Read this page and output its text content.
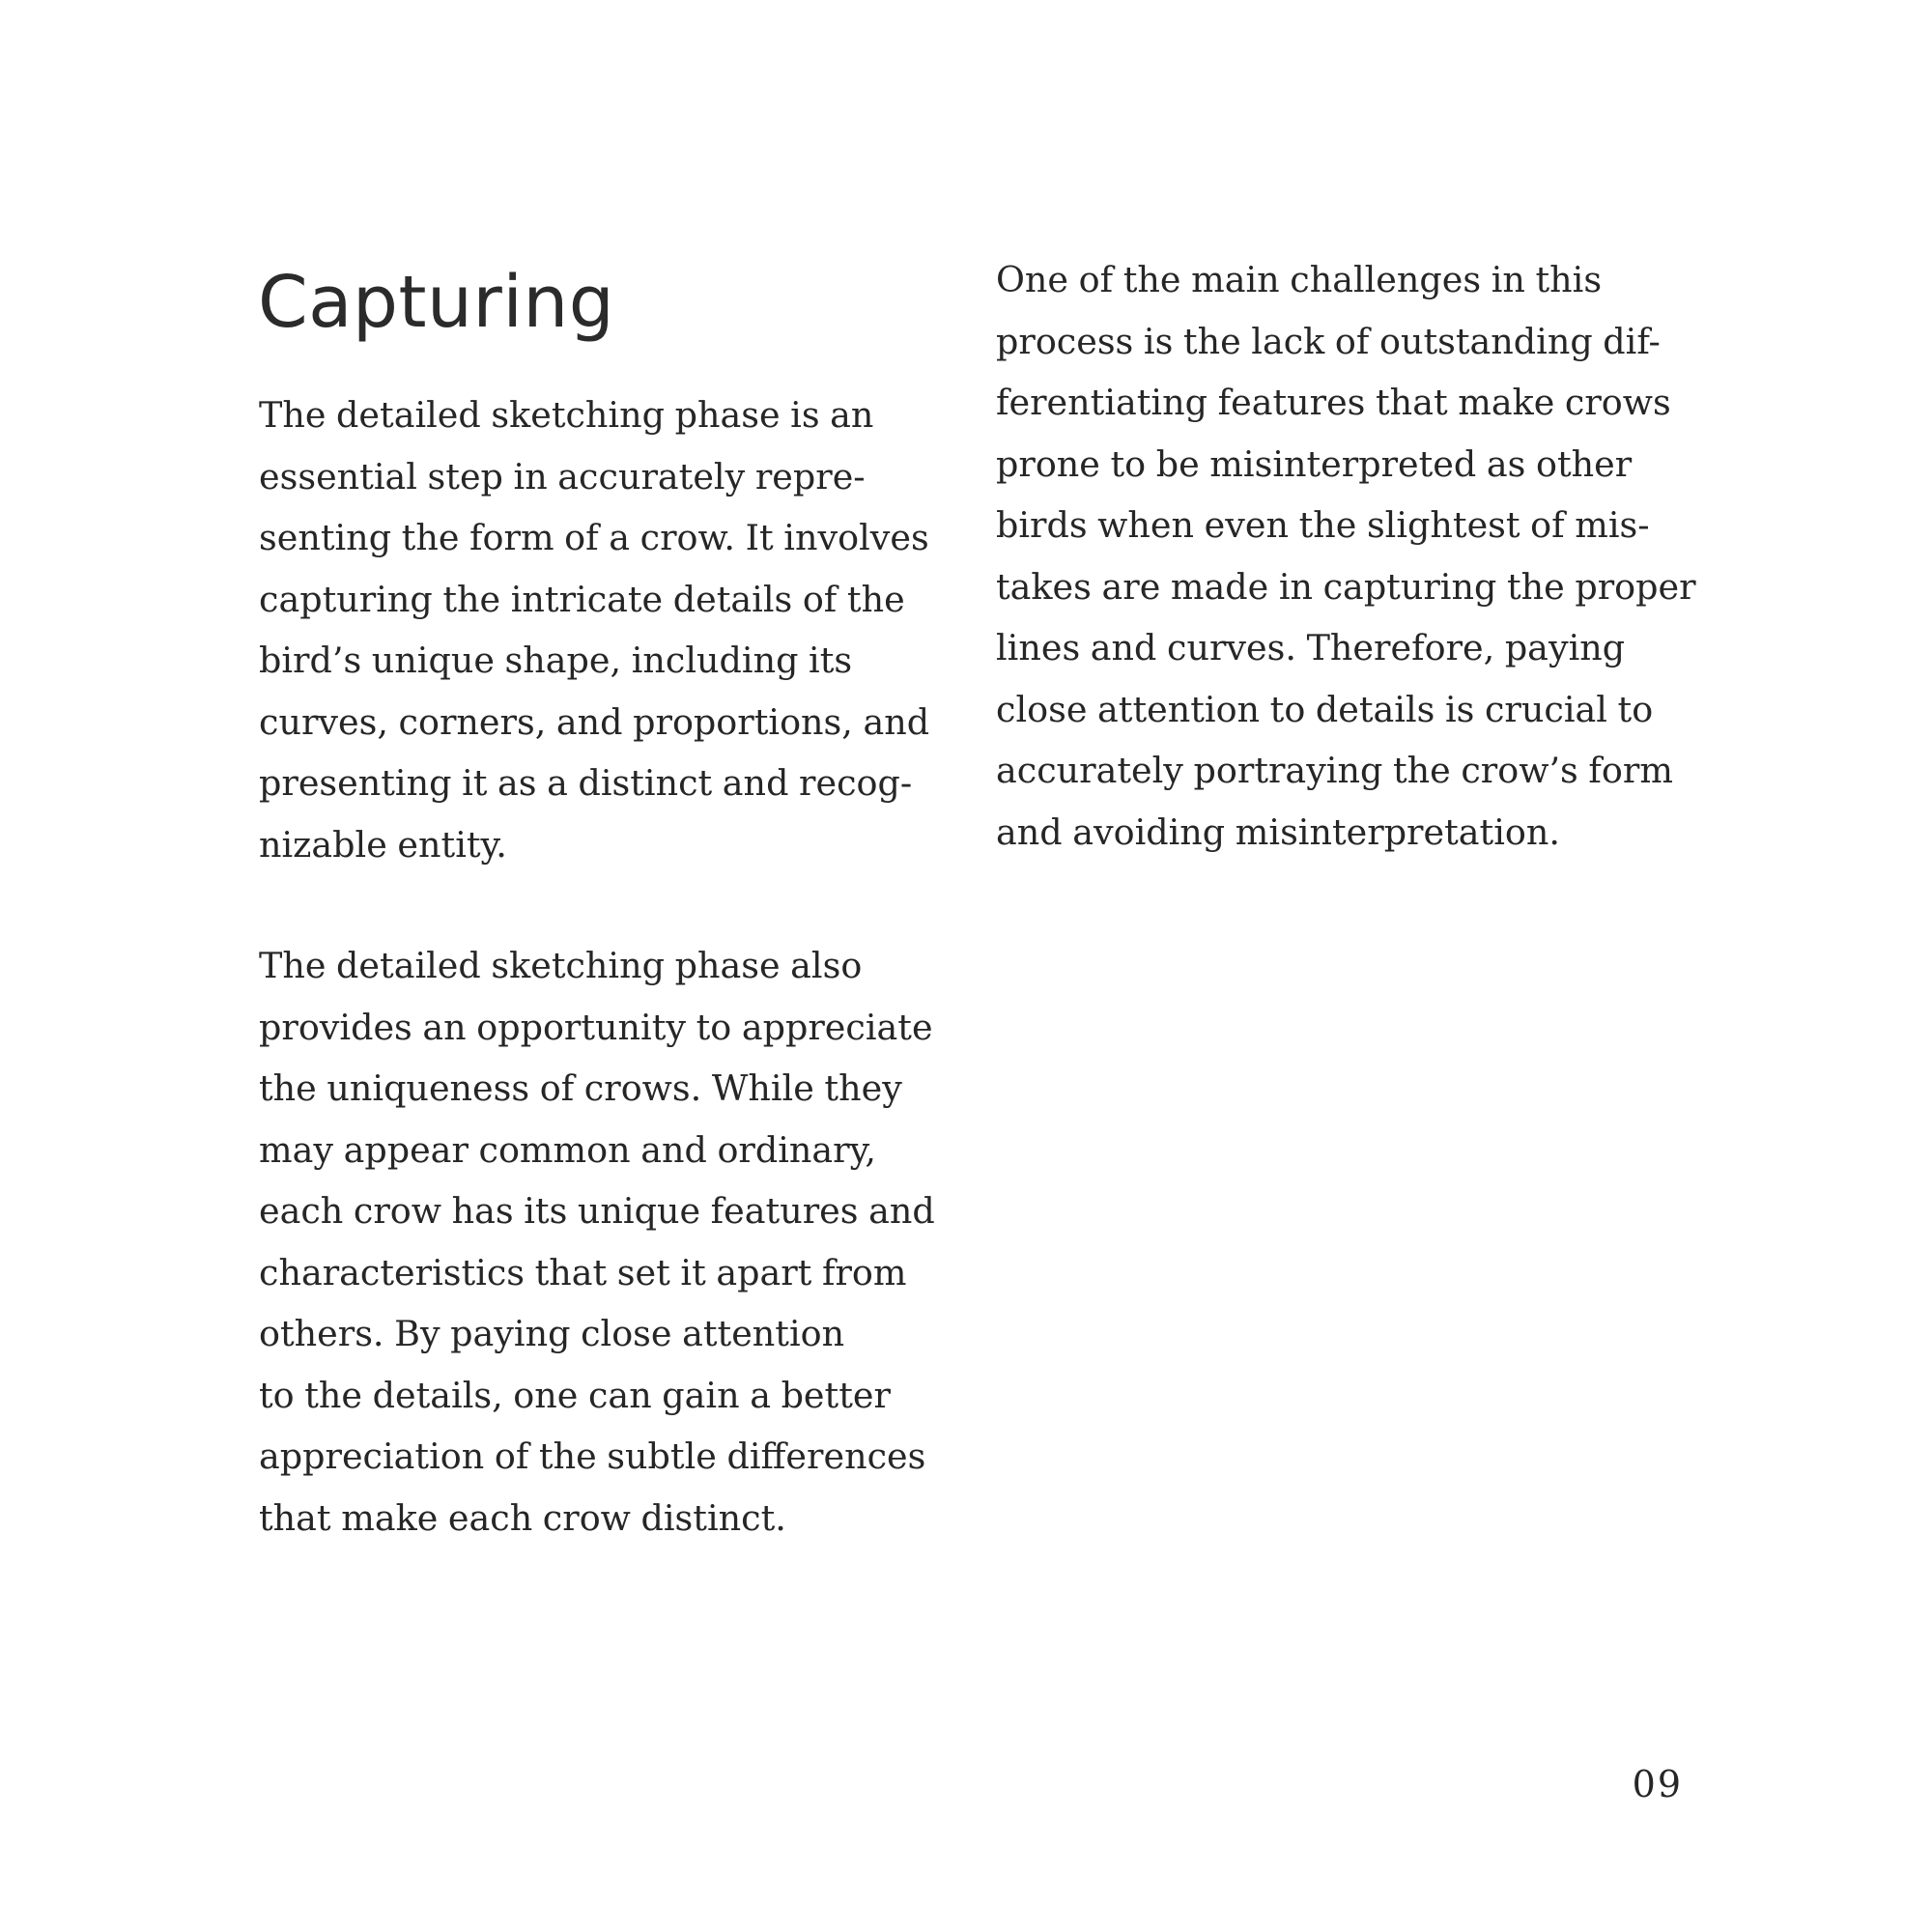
Capturing

The detailed sketching phase is an
essential step in accurately repre-
senting the form of a crow. It involves
capturing the intricate details of the
bird’s unique shape, including its
curves, corners, and proportions, and
presenting it as a distinct and recog-
nizable entity.

The detailed sketching phase also
provides an opportunity to appreciate
the uniqueness of crows. While they
may appear common and ordinary,
each crow has its unique features and
characteristics that set it apart from
others. By paying close attention
to the details, one can gain a better
appreciation of the subtle differences
that make each crow distinct.

One of the main challenges in this
process is the lack of outstanding dif-
ferentiating features that make crows
prone to be misinterpreted as other
birds when even the slightest of mis-
takes are made in capturing the proper
lines and curves. Therefore, paying
close attention to details is crucial to
accurately portraying the crow’s form
and avoiding misinterpretation.

09
